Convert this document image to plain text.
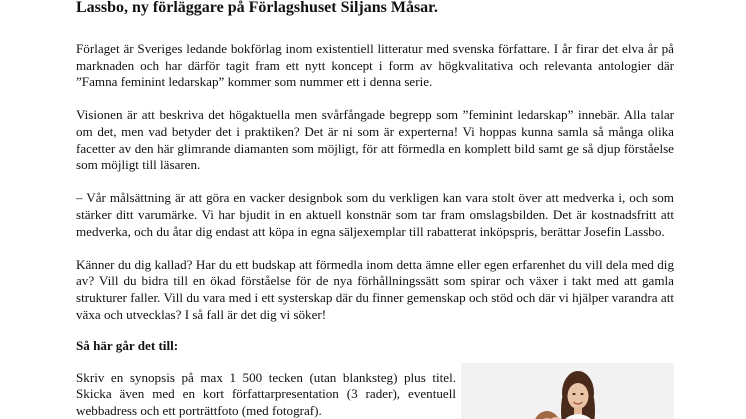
Lassbo, ny förläggare på Förlagshuset Siljans Måsar.

Förlaget är Sveriges ledande bokförlag inom existentiell litteratur med svenska författare. I år firar det elva år på marknaden och har därför tagit fram ett nytt koncept i form av högkvalitativa och relevanta antologier där ”Famna feminint ledarskap” kommer som nummer ett i denna serie.

Visionen är att beskriva det högaktuella men svårfångade begrepp som ”feminint ledarskap” innebär. Alla talar om det, men vad betyder det i praktiken? Det är ni som är experterna! Vi hoppas kunna samla så många olika facetter av den här glimrande diamanten som möjligt, för att förmedla en komplett bild samt ge så djup förståelse som möjligt till läsaren.

– Vår målsättning är att göra en vacker designbok som du verkligen kan vara stolt över att medverka i, och som stärker ditt varumärke. Vi har bjudit in en aktuell konstnär som tar fram omslagsbilden. Det är kostnadsfritt att medverka, och du åtar dig endast att köpa in egna säljexemplar till rabatterat inköpspris, berättar Josefin Lassbo.

Känner du dig kallad? Har du ett budskap att förmedla inom detta ämne eller egen erfarenhet du vill dela med dig av? Vill du bidra till en ökad förståelse för de nya förhållningssätt som spirar och växer i takt med att gamla strukturer faller. Vill du vara med i ett systerskap där du finner gemenskap och stöd och där vi hjälper varandra att växa och utvecklas? I så fall är det dig vi söker!

Så här går det till:

Skriv en synopsis på max 1 500 tecken (utan blanksteg) plus titel. Skicka även med en kort författarpresentation (3 rader), eventuell webbadress och ett porträttfoto (med fotograf).
